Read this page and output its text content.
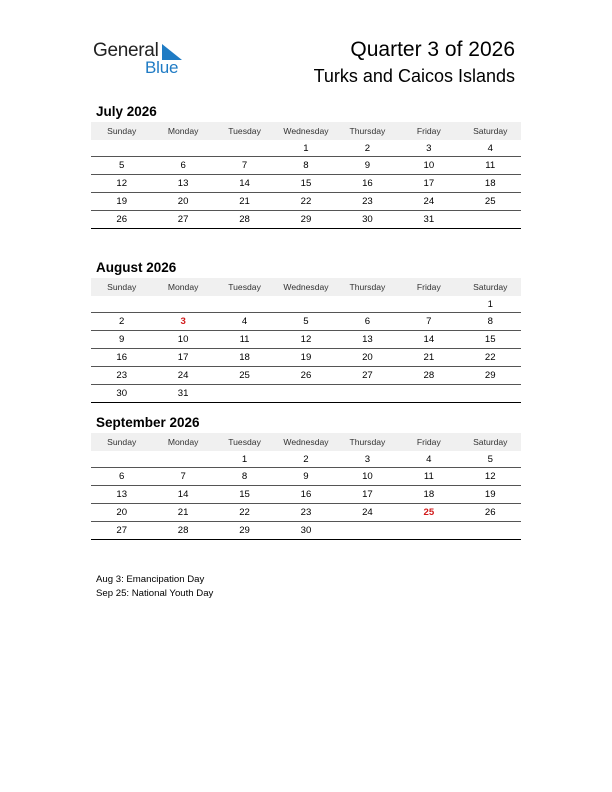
General
Blue
Quarter 3 of 2026
Turks and Caicos Islands
July 2026
Sunday	Monday	Tuesday	Wednesday	Thursday	Friday	Saturday
			1	2	3	4
5	6	7	8	9	10	11
12	13	14	15	16	17	18
19	20	21	22	23	24	25
26	27	28	29	30	31	
August 2026
Sunday	Monday	Tuesday	Wednesday	Thursday	Friday	Saturday
						1
2	3	4	5	6	7	8
9	10	11	12	13	14	15
16	17	18	19	20	21	22
23	24	25	26	27	28	29
30	31					
September 2026
Sunday	Monday	Tuesday	Wednesday	Thursday	Friday	Saturday
		1	2	3	4	5
6	7	8	9	10	11	12
13	14	15	16	17	18	19
20	21	22	23	24	25	26
27	28	29	30			
Aug 3: Emancipation Day
Sep 25: National Youth Day
